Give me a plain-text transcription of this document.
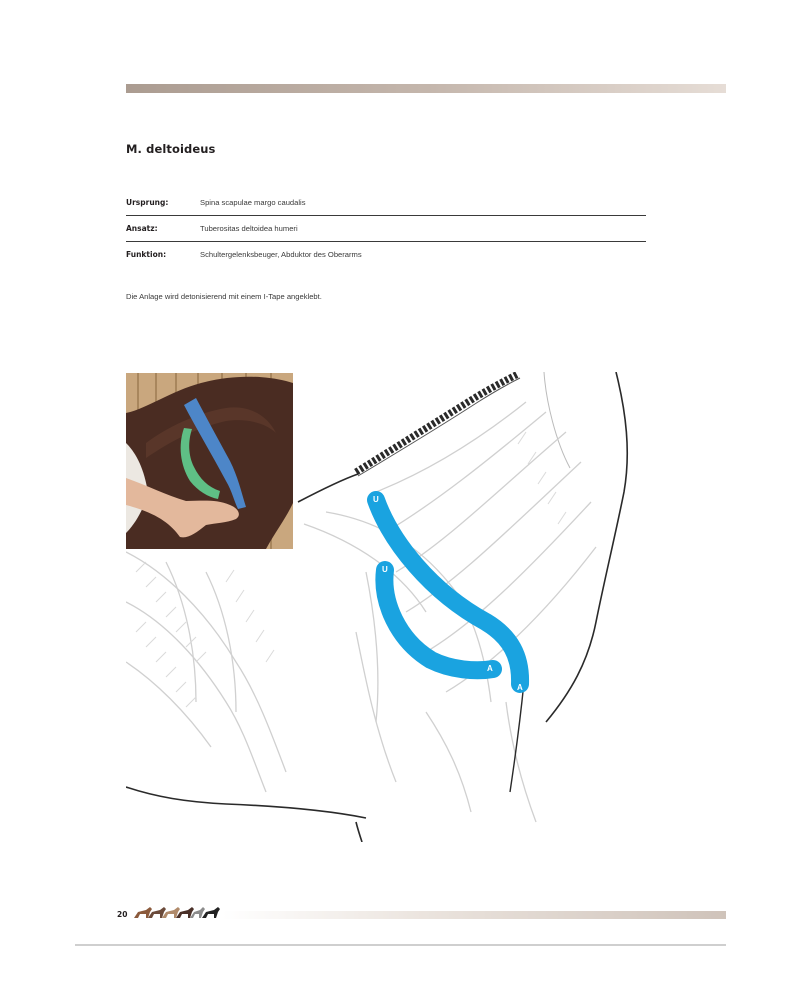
M. deltoideus
Ursprung:	Spina scapulae margo caudalis
Ansatz:	Tuberositas deltoidea humeri
Funktion:	Schultergelenksbeuger, Abduktor des Oberarms
Die Anlage wird detonisierend mit einem I-Tape angeklebt.
U
U
A
A
20
